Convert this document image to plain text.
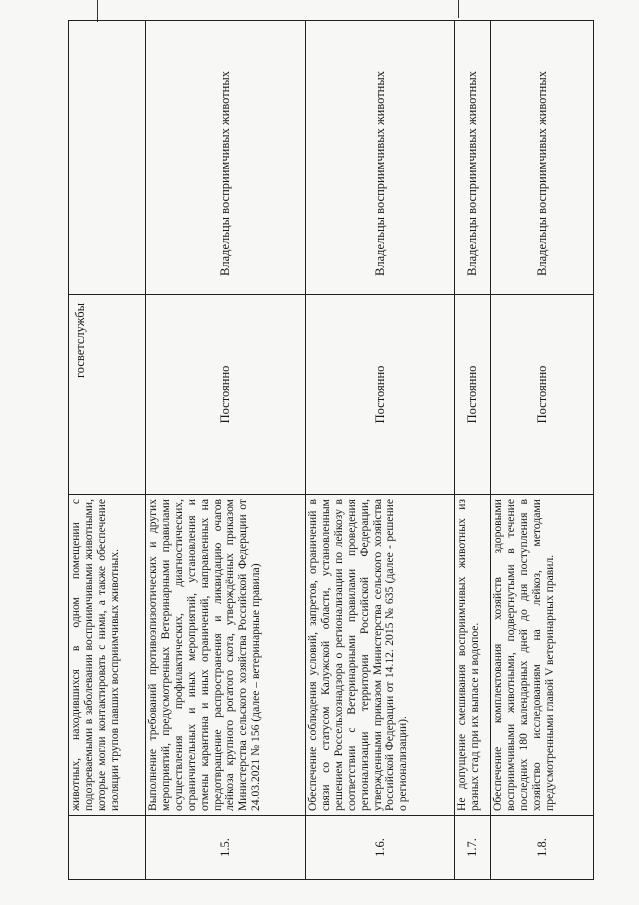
животных, находившихся в одном помещении с подозреваемыми в заболевании восприимчивыми животными, которые могли контактировать с ними, а также обеспечение изоляции трупов павших восприимчивых животных.
госветслужбы
1.5.
Выполнение требований противоэпизоотических и других мероприятий, предусмотренных Ветеринарными правилами осуществления профилактических, диагностических, ограничительных и иных мероприятий, установления и отмены карантина и иных ограничений, направленных на предотвращение распространения и ликвидацию очагов лейкоза крупного рогатого скота, утверждённых приказом Министерства сельского хозяйства Российской Федерации от 24.03.2021 № 156 (далее – ветеринарные правила)
Постоянно
Владельцы восприимчивых животных
1.6.
Обеспечение соблюдения условий, запретов, ограничений в связи со статусом Калужской области, установленным решением Россельхознадзора о регионализации по лейкозу в соответствии с Ветеринарными правилами проведения регионализации территории Российской Федерации, утвержденными приказом Министерства сельского хозяйства Российской Федерации от 14.12. 2015 № 635 (далее - решение о регионализации).
Постоянно
Владельцы восприимчивых животных
1.7.
Не допущение смешивания восприимчивых животных из разных стад при их выпасе и водопое.
Постоянно
Владельцы восприимчивых животных
1.8.
Обеспечение комплектования хозяйств здоровыми восприимчивыми животными, подвергнутыми в течение последних 180 календарных дней до дня поступления в хозяйство исследованиям на лейкоз, методами предусмотренными главой V ветеринарных правил.
Постоянно
Владельцы восприимчивых животных
